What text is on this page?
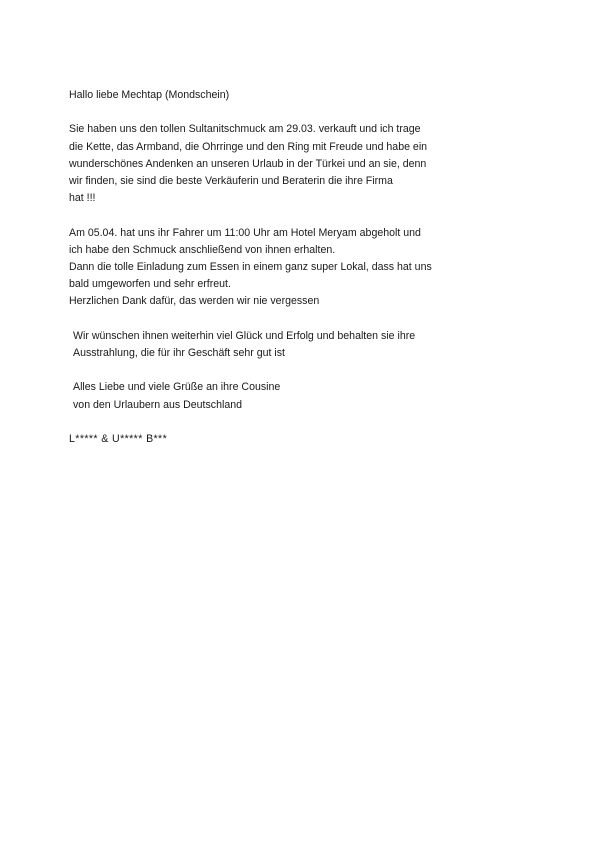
Hallo liebe Mechtap (Mondschein)
Sie haben uns den tollen Sultanitschmuck am 29.03. verkauft und ich trage
die Kette, das Armband, die Ohrringe und den Ring mit Freude und habe ein
wunderschönes Andenken an unseren Urlaub in der Türkei und an sie, denn
wir finden, sie sind die beste Verkäuferin und Beraterin die ihre Firma
hat !!!
Am 05.04. hat uns ihr Fahrer um 11:00 Uhr am Hotel Meryam abgeholt und
ich habe den Schmuck anschließend von ihnen erhalten.
Dann die tolle Einladung zum Essen in einem ganz super Lokal, dass hat uns
bald umgeworfen und sehr erfreut.
Herzlichen Dank dafür, das werden wir nie vergessen
Wir wünschen ihnen weiterhin viel Glück und Erfolg und behalten sie ihre
Ausstrahlung, die für ihr Geschäft sehr gut ist
Alles Liebe und viele Grüße an ihre Cousine
von den Urlaubern aus Deutschland
L***** & U***** B***
